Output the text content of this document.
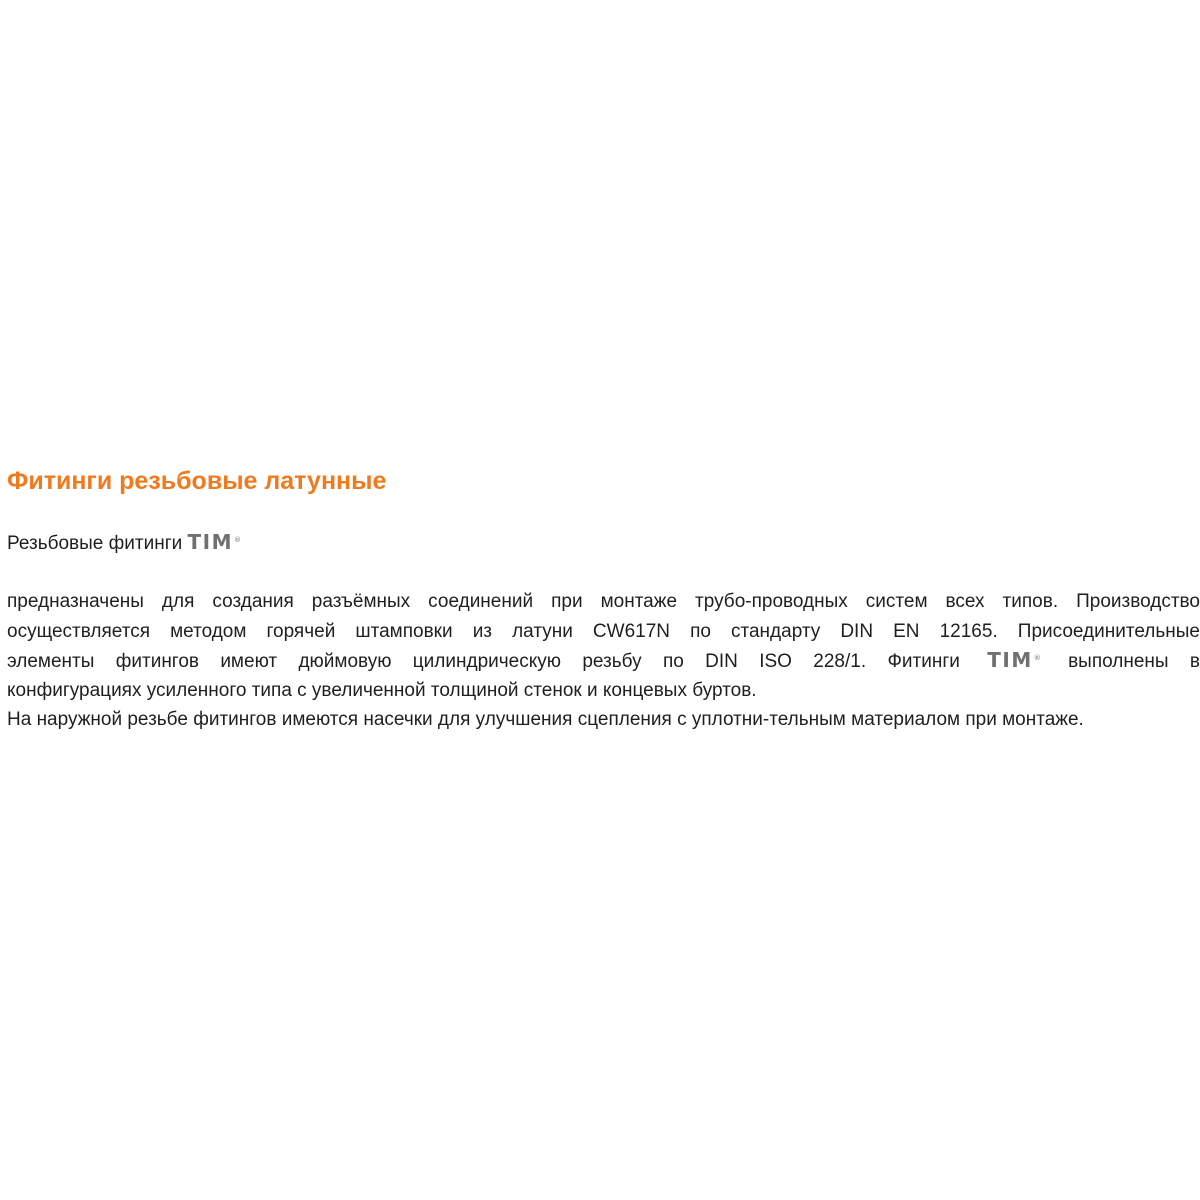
Фитинги резьбовые латунные

Резьбовые фитинги TIM®

предназначены для создания разъёмных соединений при монтаже трубо-проводных систем всех типов. Производство
осуществляется методом горячей штамповки из латуни CW617N по стандарту DIN EN 12165. Присоединительные
элементы фитингов имеют дюймовую цилиндрическую резьбу по DIN ISO 228/1. Фитинги TIM® выполнены в
конфигурациях усиленного типа с увеличенной толщиной стенок и концевых буртов.
На наружной резьбе фитингов имеются насечки для улучшения сцепления с уплотни-тельным материалом при монтаже.
